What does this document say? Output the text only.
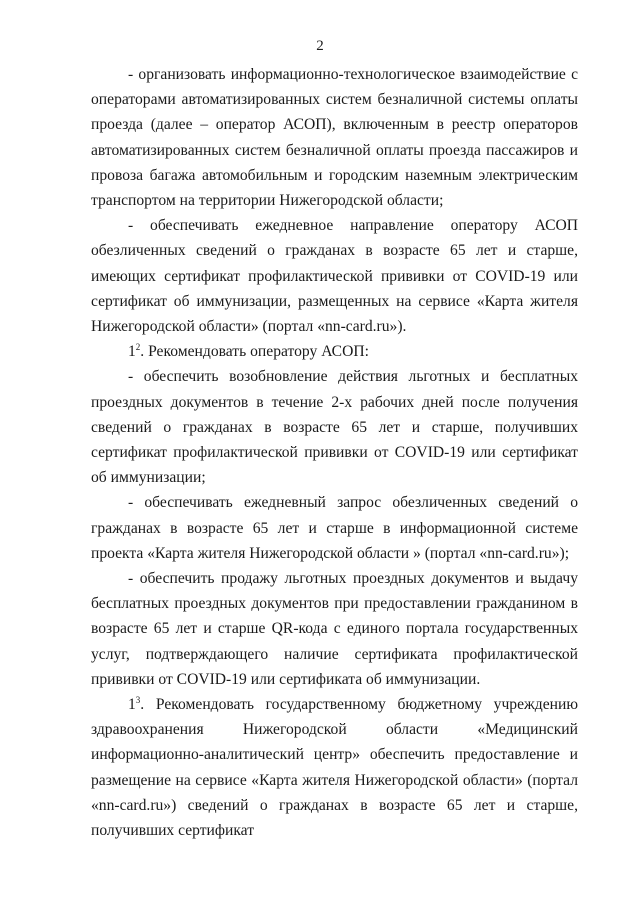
2

- организовать информационно-технологическое взаимодействие с операторами автоматизированных систем безналичной системы оплаты проезда (далее – оператор АСОП), включенным в реестр операторов автоматизированных систем безналичной оплаты проезда пассажиров и провоза багажа автомобильным и городским наземным электрическим транспортом на территории Нижегородской области;

- обеспечивать ежедневное направление оператору АСОП обезличенных сведений о гражданах в возрасте 65 лет и старше, имеющих сертификат профилактической прививки от COVID-19 или сертификат об иммунизации, размещенных на сервисе «Карта жителя Нижегородской области» (портал «nn-card.ru»).

$1^2$. Рекомендовать оператору АСОП:

- обеспечить возобновление действия льготных и бесплатных проездных документов в течение 2-х рабочих дней после получения сведений о гражданах в возрасте 65 лет и старше, получивших сертификат профилактической прививки от COVID-19 или сертификат об иммунизации;

- обеспечивать ежедневный запрос обезличенных сведений о гражданах в возрасте 65 лет и старше в информационной системе проекта «Карта жителя Нижегородской области » (портал «nn-card.ru»);

- обеспечить продажу льготных проездных документов и выдачу бесплатных проездных документов при предоставлении гражданином в возрасте 65 лет и старше QR-кода с единого портала государственных услуг, подтверждающего наличие сертификата профилактической прививки от COVID-19 или сертификата об иммунизации.

$1^3$. Рекомендовать государственному бюджетному учреждению здравоохранения Нижегородской области «Медицинский информационно-аналитический центр» обеспечить предоставление и размещение на сервисе «Карта жителя Нижегородской области» (портал «nn-card.ru») сведений о гражданах в возрасте 65 лет и старше, получивших сертификат
